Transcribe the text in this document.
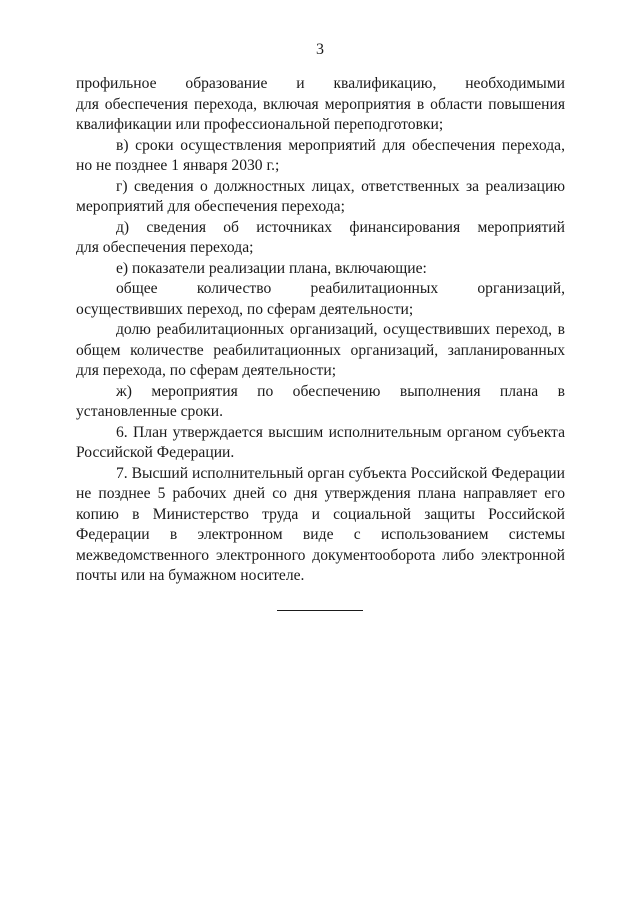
3

профильное образование и квалификацию, необходимыми

для обеспечения перехода, включая мероприятия в области повышения квалификации или профессиональной переподготовки;

в) сроки осуществления мероприятий для обеспечения перехода, но не позднее 1 января 2030 г.;

г) сведения о должностных лицах, ответственных за реализацию мероприятий для обеспечения перехода;

д) сведения об источниках финансирования мероприятий

для обеспечения перехода;

е) показатели реализации плана, включающие:

общее количество реабилитационных организаций, осуществивших переход, по сферам деятельности;

долю реабилитационных организаций, осуществивших переход, в общем количестве реабилитационных организаций, запланированных для перехода, по сферам деятельности;

ж) мероприятия по обеспечению выполнения плана в установленные сроки.

6. План утверждается высшим исполнительным органом субъекта Российской Федерации.

7. Высший исполнительный орган субъекта Российской Федерации не позднее 5 рабочих дней со дня утверждения плана направляет его копию в Министерство труда и социальной защиты Российской Федерации в электронном виде с использованием системы межведомственного электронного документооборота либо электронной почты или на бумажном носителе.
